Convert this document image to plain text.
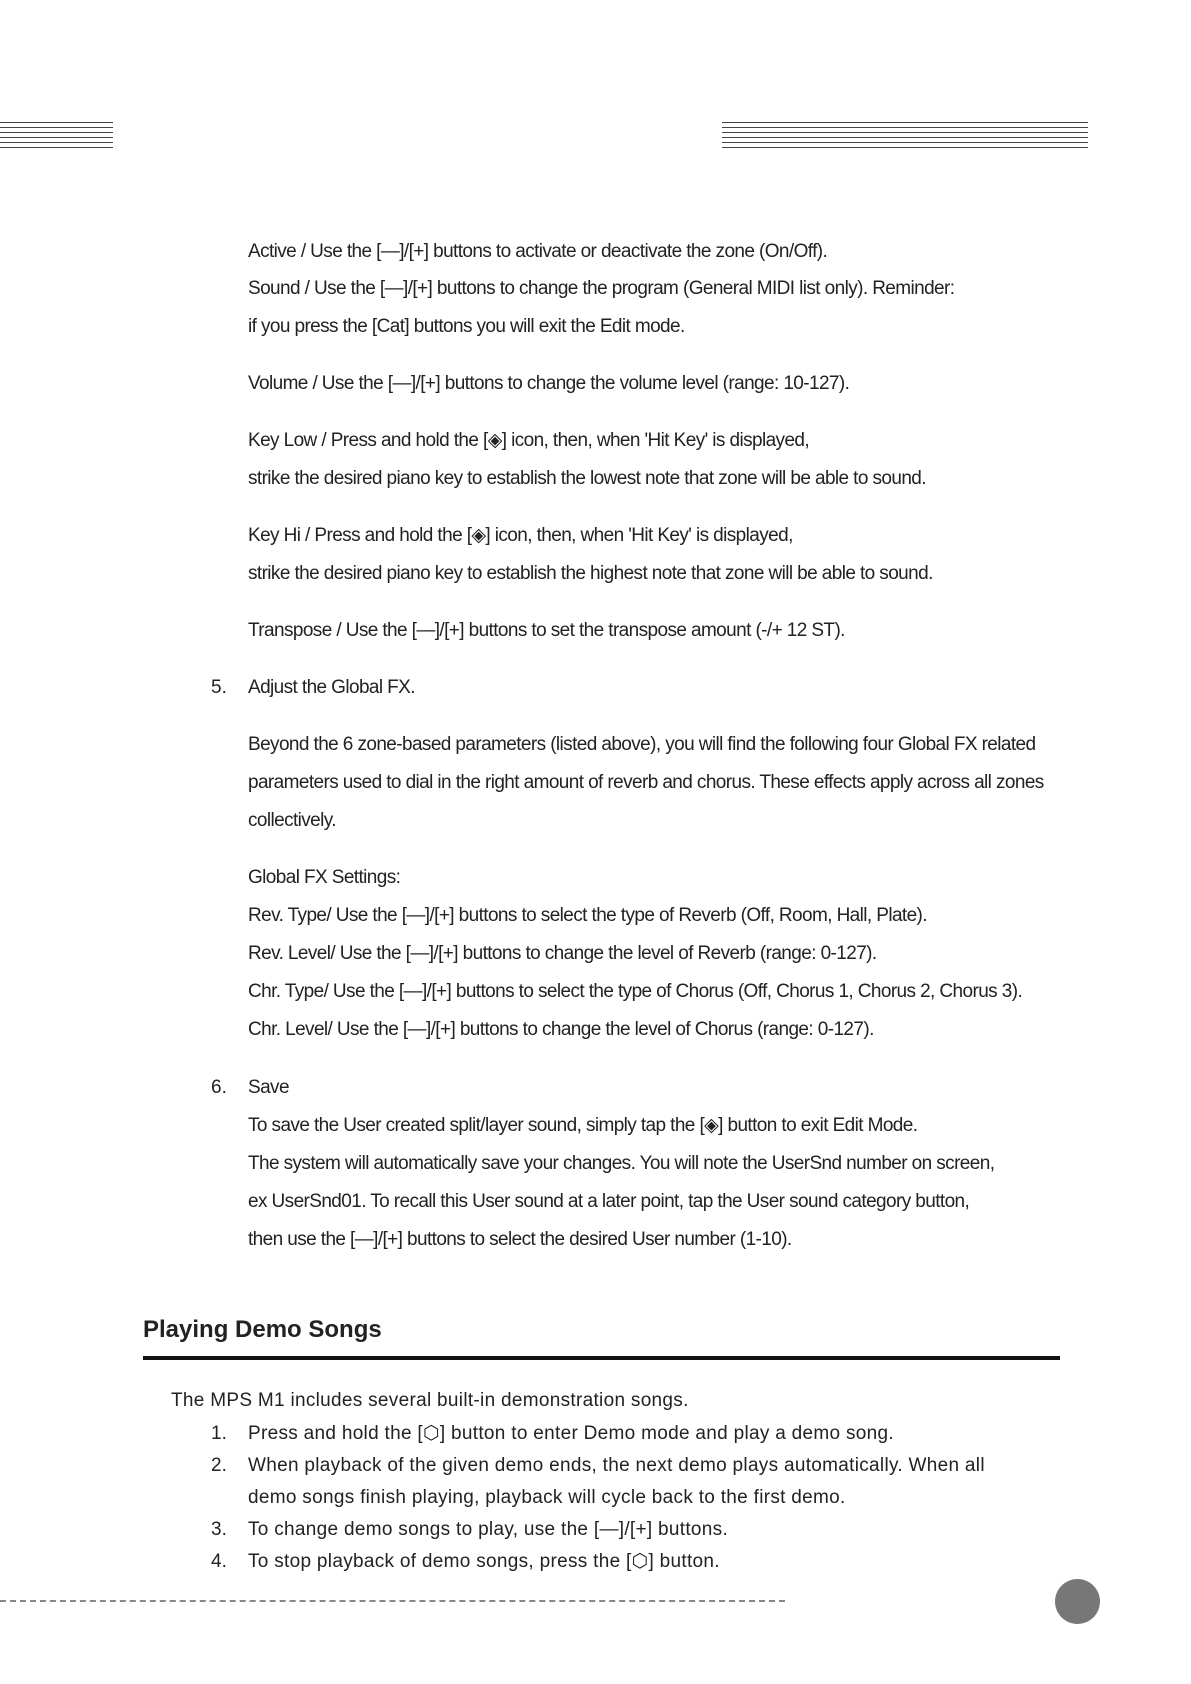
Active / Use the [—]/[+] buttons to activate or deactivate the zone (On/Off).
Sound / Use the [—]/[+] buttons to change the program (General MIDI list only). Reminder:
if you press the [Cat] buttons you will exit the Edit mode.
Volume / Use the [—]/[+] buttons to change the volume level (range: 10-127).
Key Low / Press and hold the [◈] icon, then, when 'Hit Key' is displayed,
strike the desired piano key to establish the lowest note that zone will be able to sound.
Key Hi / Press and hold the [◈] icon, then, when 'Hit Key' is displayed,
strike the desired piano key to establish the highest note that zone will be able to sound.
Transpose / Use the [—]/[+] buttons to set the transpose amount (-/+ 12 ST).
5. Adjust the Global FX.
Beyond the 6 zone-based parameters (listed above), you will find the following four Global FX related
parameters used to dial in the right amount of reverb and chorus. These effects apply across all zones
collectively.
Global FX Settings:
Rev. Type/ Use the [—]/[+] buttons to select the type of Reverb (Off, Room, Hall, Plate).
Rev. Level/ Use the [—]/[+] buttons to change the level of Reverb (range: 0-127).
Chr. Type/ Use the [—]/[+] buttons to select the type of Chorus (Off, Chorus 1, Chorus 2, Chorus 3).
Chr. Level/ Use the [—]/[+] buttons to change the level of Chorus (range: 0-127).
6. Save
To save the User created split/layer sound, simply tap the [◈] button to exit Edit Mode.
The system will automatically save your changes. You will note the UserSnd number on screen,
ex UserSnd01. To recall this User sound at a later point, tap the User sound category button,
then use the [—]/[+] buttons to select the desired User number (1-10).
Playing Demo Songs
The MPS M1 includes several built-in demonstration songs.
1. Press and hold the [⬡] button to enter Demo mode and play a demo song.
2. When playback of the given demo ends, the next demo plays automatically. When all
demo songs finish playing, playback will cycle back to the first demo.
3. To change demo songs to play, use the [—]/[+] buttons.
4. To stop playback of demo songs, press the [⬡] button.
